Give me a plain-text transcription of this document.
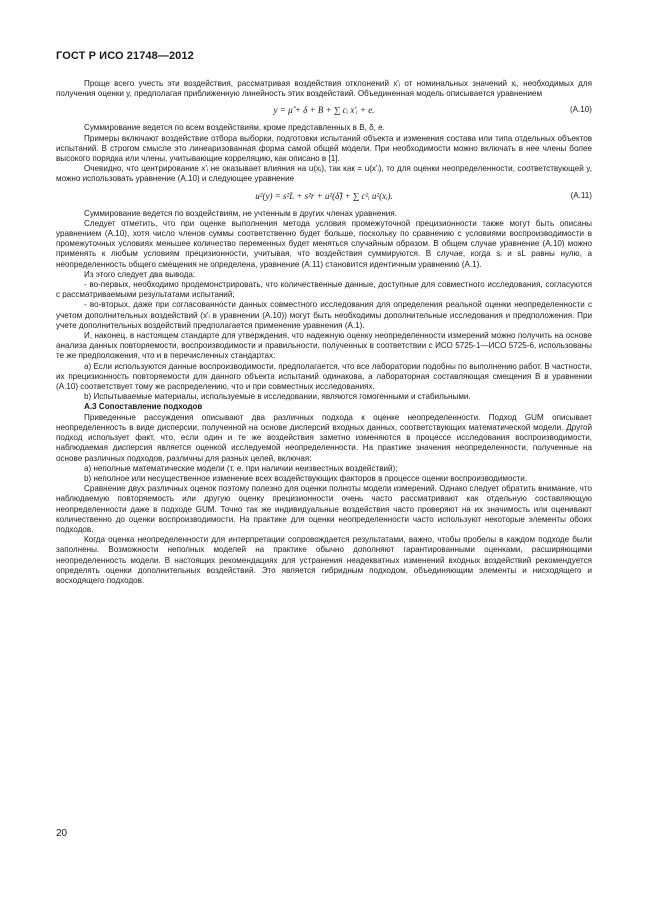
ГОСТ Р ИСО 21748—2012

Проще всего учесть эти воздействия, рассматривая воздействия отклонений x'ᵢ от номинальных значений xᵢ, необходимых для получения оценки y, предполагая приближенную линейность этих воздействий. Объединенная модель описывается уравнением

y = μ̂ + δ + B + ∑ cᵢ x'ᵢ + e.	(A.10)

Суммирование ведется по всем воздействиям, кроме представленных в B, δ, e.

Примеры включают воздействие отбора выборки, подготовки испытаний объекта и изменения состава или типа отдельных объектов испытаний. В строгом смысле это линеаризованная форма самой общей модели. При необходимости можно включать в нее члены более высокого порядка или члены, учитывающие корреляцию, как описано в [1].

Очевидно, что центрирование x'ᵢ не оказывает влияния на u(xᵢ), так как = u(x'ᵢ), то для оценки неопределенности, соответствующей y, можно использовать уравнение (A.10) и следующее уравнение

u²(y) = s²L + s²r + u²(δ̂) + ∑ c²ᵢ u²(xᵢ).	(A.11)

Суммирование ведется по воздействиям, не учтенным в других членах уравнения.

Следует отметить, что при оценке выполнения метода условия промежуточной прецизионности также могут быть описаны уравнением (A.10), хотя число членов суммы соответственно будет больше, поскольку по сравнению с условиями воспроизводимости в промежуточных условиях меньшее количество переменных будет меняться случайным образом. В общем случае уравнение (A.10) можно применять к любым условиям прецизионности, учитывая, что воздействия суммируются. В случае, когда sᵢ и sL равны нулю, а неопределенность общего смещения не определена, уравнение (A.11) становится идентичным уравнению (A.1).

Из этого следует два вывода:

- во-первых, необходимо продемонстрировать, что количественные данные, доступные для совместного исследования, согласуются с рассматриваемыми результатами испытаний;

- во-вторых, даже при согласованности данных совместного исследования для определения реальной оценки неопределенности с учетом дополнительных воздействий (x'ᵢ в уравнении (A.10)) могут быть необходимы дополнительные исследования и предположения. При учете дополнительных воздействий предполагается применение уравнения (A.1).

И, наконец, в настоящем стандарте для утверждения, что надежную оценку неопределенности измерений можно получить на основе анализа данных повторяемости, воспроизводимости и правильности, полученных в соответствии с ИСО 5725-1—ИСО 5725-6, использованы те же предположения, что и в перечисленных стандартах:

a) Если используются данные воспроизводимости, предполагается, что все лаборатории подобны по выполнению работ. В частности, их прецизионность повторяемости для данного объекта испытаний одинакова, а лабораторная составляющая смещения B в уравнении (A.10) соответствует тому же распределению, что и при совместных исследованиях.

b) Испытываемые материалы, используемые в исследовании, являются гомогенными и стабильными.

A.3 Сопоставление подходов

Приведенные рассуждения описывают два различных подхода к оценке неопределенности. Подход GUM описывает неопределенность в виде дисперсии, полученной на основе дисперсий входных данных, соответствующих математической модели. Другой подход использует факт, что, если один и те же воздействия заметно изменяются в процессе исследования воспроизводимости, наблюдаемая дисперсия является оценкой исследуемой неопределенности. На практике значения неопределенности, полученные на основе различных подходов, различны для разных целей, включая:

a) неполные математические модели (т. е. при наличии неизвестных воздействий);

b) неполное или несущественное изменение всех воздействующих факторов в процессе оценки воспроизводимости.

Сравнение двух различных оценок поэтому полезно для оценки полноты модели измерений. Однако следует обратить внимание, что наблюдаемую повторяемость или другую оценку прецизионности очень часто рассматривают как отдельную составляющую неопределенности даже в подходе GUM. Точно так же индивидуальные воздействия часто проверяют на их значимость или оценивают количественно до оценки воспроизводимости. На практике для оценки неопределенности часто используют некоторые элементы обоих подходов.

Когда оценка неопределенности для интерпретации сопровождается результатами, важно, чтобы пробелы в каждом подходе были заполнены. Возможности неполных моделей на практике обычно дополняют гарантированными оценками, расширяющими неопределенность модели. В настоящих рекомендациях для устранения неадекватных изменений входных воздействий рекомендуется определять оценки дополнительных воздействий. Это является гибридным подходом, объединяющим элементы и нисходящего и восходящего подходов.

20
